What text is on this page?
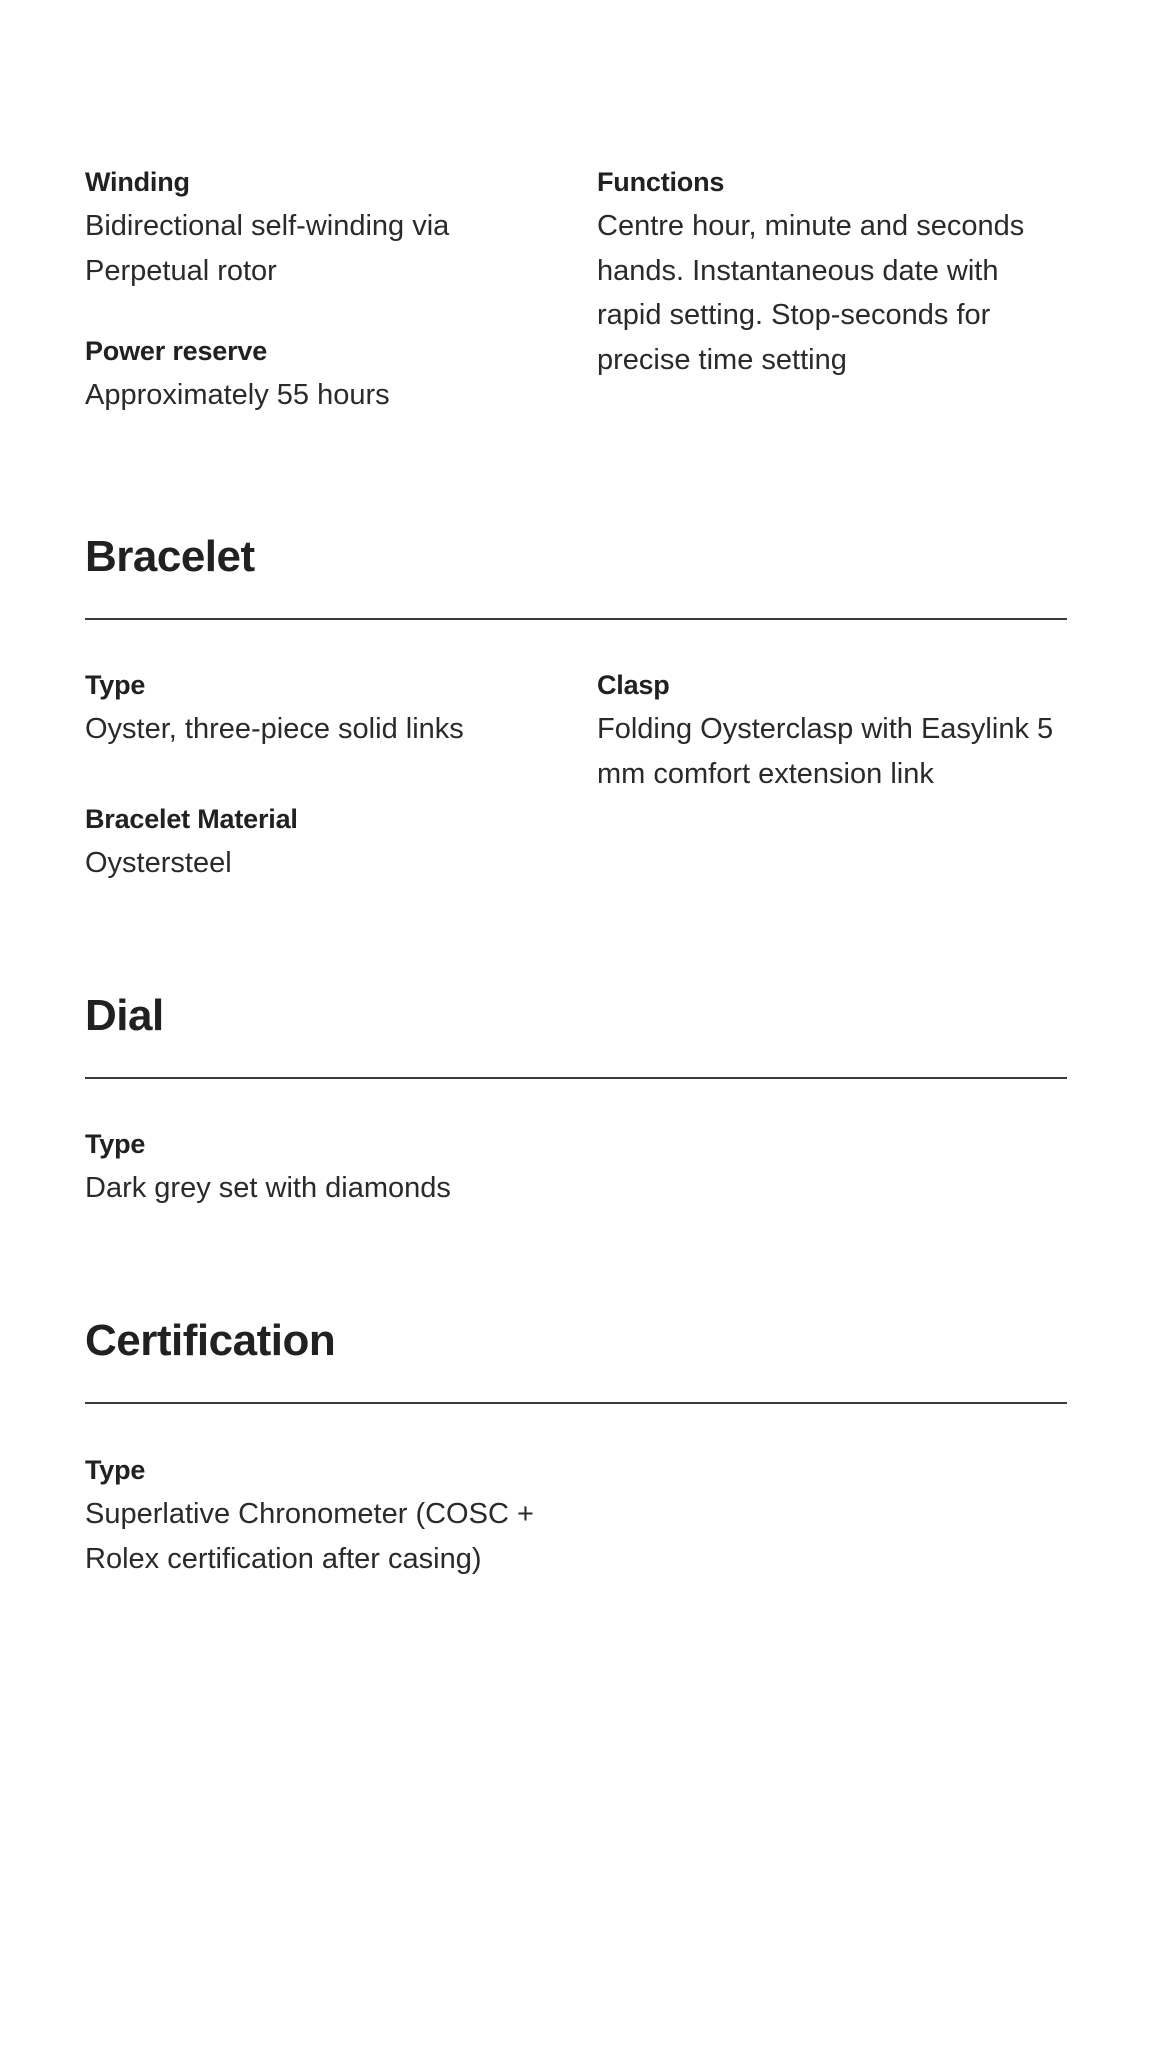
Winding
Bidirectional self-winding via Perpetual rotor
Power reserve
Approximately 55 hours
Functions
Centre hour, minute and seconds hands. Instantaneous date with rapid setting. Stop-seconds for precise time setting
Bracelet
Type
Oyster, three-piece solid links
Bracelet Material
Oystersteel
Clasp
Folding Oysterclasp with Easylink 5 mm comfort extension link
Dial
Type
Dark grey set with diamonds
Certification
Type
Superlative Chronometer (COSC + Rolex certification after casing)
